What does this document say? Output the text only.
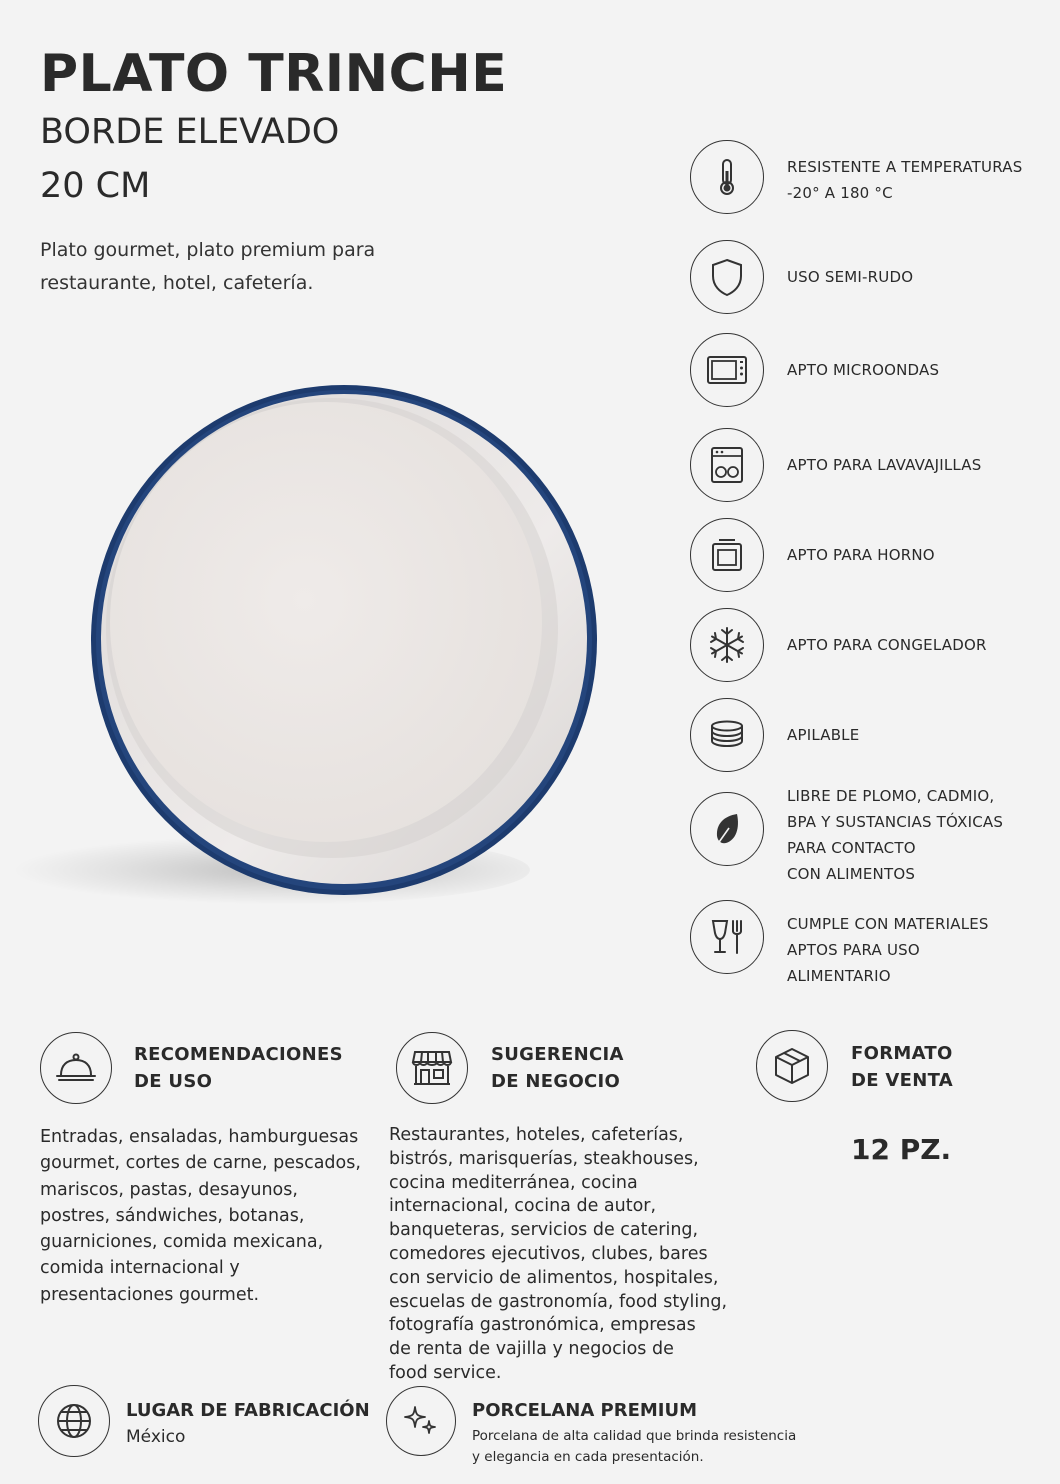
PLATO TRINCHE
BORDE ELEVADO
20 CM
Plato gourmet, plato premium para restaurante, hotel, cafetería.
RESISTENTE A TEMPERATURAS
-20° A 180 °C
USO SEMI-RUDO
APTO MICROONDAS
APTO PARA LAVAVAJILLAS
APTO PARA HORNO
APTO PARA CONGELADOR
APILABLE
LIBRE DE PLOMO, CADMIO,
BPA Y SUSTANCIAS TÓXICAS
PARA CONTACTO
CON ALIMENTOS
CUMPLE CON MATERIALES
APTOS PARA USO
ALIMENTARIO
RECOMENDACIONES
DE USO
Entradas, ensaladas, hamburguesas
gourmet, cortes de carne, pescados,
mariscos, pastas, desayunos,
postres, sándwiches, botanas,
guarniciones, comida mexicana,
comida internacional y
presentaciones gourmet.
SUGERENCIA
DE NEGOCIO
Restaurantes, hoteles, cafeterías,
bistrós, marisquerías, steakhouses,
cocina mediterránea, cocina
internacional, cocina de autor,
banqueteras, servicios de catering,
comedores ejecutivos, clubes, bares
con servicio de alimentos, hospitales,
escuelas de gastronomía, food styling,
fotografía gastronómica, empresas
de renta de vajilla y negocios de
food service.
FORMATO
DE VENTA
12 PZ.
LUGAR DE FABRICACIÓN
México
PORCELANA PREMIUM
Porcelana de alta calidad que brinda resistencia
y elegancia en cada presentación.
